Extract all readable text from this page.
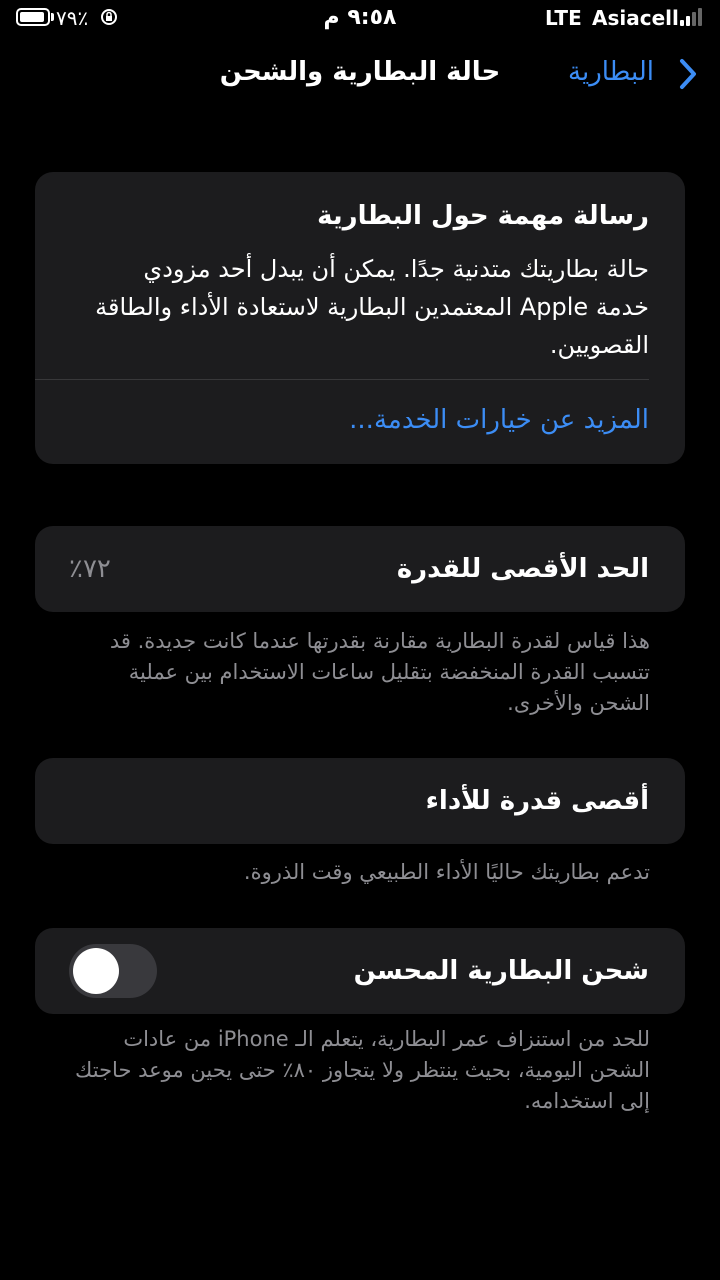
٧٩٪	٩:٥٨ م	LTE Asiacell
حالة البطارية والشحن	البطارية
رسالة مهمة حول البطارية
حالة بطاريتك متدنية جدًا. يمكن أن يبدل أحد مزودي خدمة Apple المعتمدين البطارية لاستعادة الأداء والطاقة القصويين.
المزيد عن خيارات الخدمة...
الحد الأقصى للقدرة
٧٢٪
هذا قياس لقدرة البطارية مقارنة بقدرتها عندما كانت جديدة. قد تتسبب القدرة المنخفضة بتقليل ساعات الاستخدام بين عملية الشحن والأخرى.
أقصى قدرة للأداء
تدعم بطاريتك حاليًا الأداء الطبيعي وقت الذروة.
شحن البطارية المحسن
للحد من استنزاف عمر البطارية، يتعلم الـ iPhone من عادات الشحن اليومية، بحيث ينتظر ولا يتجاوز ٨٠٪ حتى يحين موعد حاجتك إلى استخدامه.
